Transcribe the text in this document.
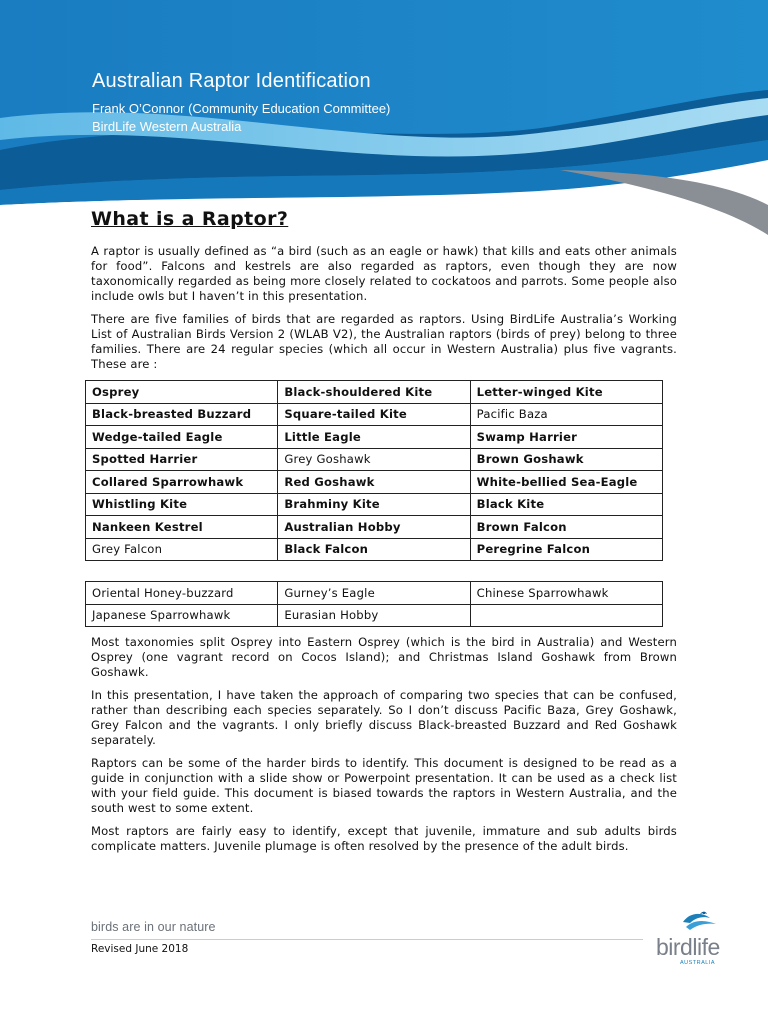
Australian Raptor Identification
Frank O’Connor (Community Education Committee)
BirdLife Western Australia
What is a Raptor?

A raptor is usually defined as “a bird (such as an eagle or hawk) that kills and eats other animals for food”. Falcons and kestrels are also regarded as raptors, even though they are now taxonomically regarded as being more closely related to cockatoos and parrots. Some people also include owls but I haven’t in this presentation.

There are five families of birds that are regarded as raptors. Using BirdLife Australia’s Working List of Australian Birds Version 2 (WLAB V2), the Australian raptors (birds of prey) belong to three families. There are 24 regular species (which all occur in Western Australia) plus five vagrants. These are :

Osprey	Black-shouldered Kite	Letter-winged Kite
Black-breasted Buzzard	Square-tailed Kite	Pacific Baza
Wedge-tailed Eagle	Little Eagle	Swamp Harrier
Spotted Harrier	Grey Goshawk	Brown Goshawk
Collared Sparrowhawk	Red Goshawk	White-bellied Sea-Eagle
Whistling Kite	Brahminy Kite	Black Kite
Nankeen Kestrel	Australian Hobby	Brown Falcon
Grey Falcon	Black Falcon	Peregrine Falcon
Oriental Honey-buzzard	Gurney’s Eagle	Chinese Sparrowhawk
Japanese Sparrowhawk	Eurasian Hobby	

Most taxonomies split Osprey into Eastern Osprey (which is the bird in Australia) and Western Osprey (one vagrant record on Cocos Island); and Christmas Island Goshawk from Brown Goshawk.

In this presentation, I have taken the approach of comparing two species that can be confused, rather than describing each species separately. So I don’t discuss Pacific Baza, Grey Goshawk, Grey Falcon and the vagrants. I only briefly discuss Black-breasted Buzzard and Red Goshawk separately.

Raptors can be some of the harder birds to identify. This document is designed to be read as a guide in conjunction with a slide show or Powerpoint presentation. It can be used as a check list with your field guide. This document is biased towards the raptors in Western Australia, and the south west to some extent.

Most raptors are fairly easy to identify, except that juvenile, immature and sub adults birds complicate matters. Juvenile plumage is often resolved by the presence of the adult birds.

birds are in our nature
Revised June 2018	birdlife
AUSTRALIA
